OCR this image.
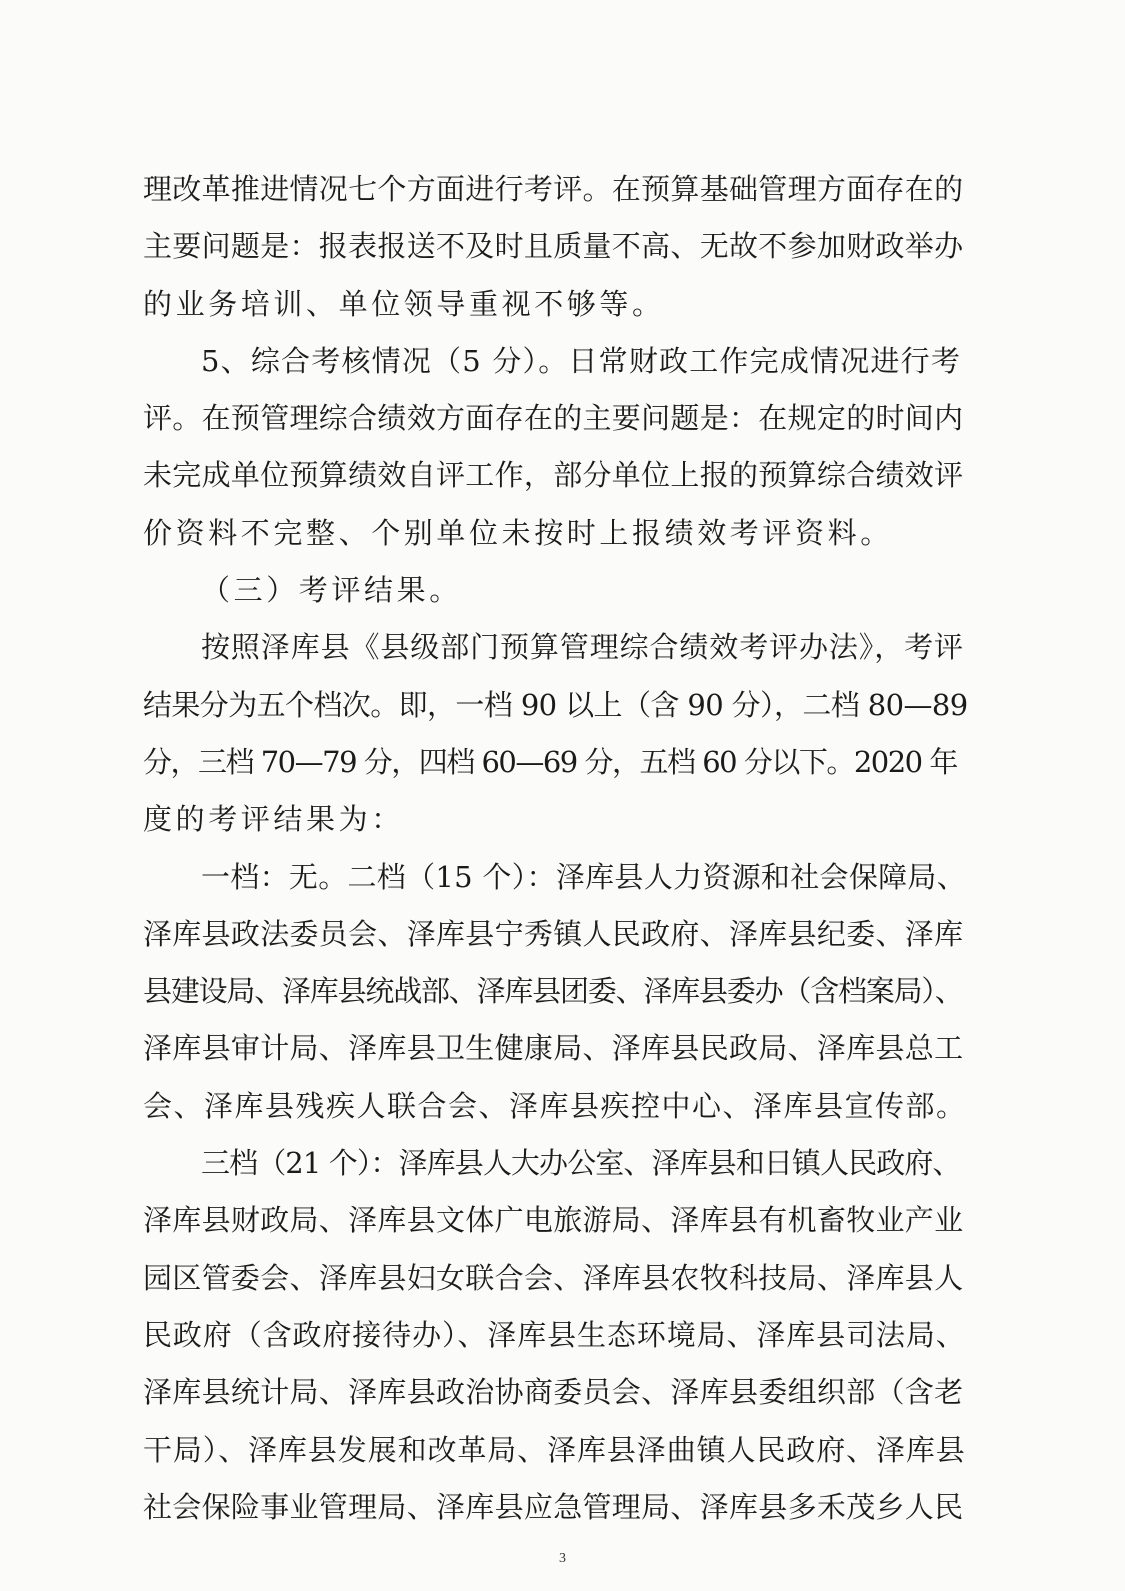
理改革推进情况七个方面进行考评。在预算基础管理方面存在的
主要问题是：报表报送不及时且质量不高、无故不参加财政举办
的业务培训、单位领导重视不够等。
5、综合考核情况（5 分）。日常财政工作完成情况进行考
评。在预管理综合绩效方面存在的主要问题是：在规定的时间内
未完成单位预算绩效自评工作，部分单位上报的预算综合绩效评
价资料不完整、个别单位未按时上报绩效考评资料。
（三）考评结果。
按照泽库县《县级部门预算管理综合绩效考评办法》，考评
结果分为五个档次。即，一档 90 以上（含 90 分），二档 80—89
分，三档 70—79 分，四档 60—69 分，五档 60 分以下。2020 年
度的考评结果为：
一档：无。二档（15 个）：泽库县人力资源和社会保障局、
泽库县政法委员会、泽库县宁秀镇人民政府、泽库县纪委、泽库
县建设局、泽库县统战部、泽库县团委、泽库县委办（含档案局）、
泽库县审计局、泽库县卫生健康局、泽库县民政局、泽库县总工
会、泽库县残疾人联合会、泽库县疾控中心、泽库县宣传部。
三档（21 个）：泽库县人大办公室、泽库县和日镇人民政府、
泽库县财政局、泽库县文体广电旅游局、泽库县有机畜牧业产业
园区管委会、泽库县妇女联合会、泽库县农牧科技局、泽库县人
民政府（含政府接待办）、泽库县生态环境局、泽库县司法局、
泽库县统计局、泽库县政治协商委员会、泽库县委组织部（含老
干局）、泽库县发展和改革局、泽库县泽曲镇人民政府、泽库县
社会保险事业管理局、泽库县应急管理局、泽库县多禾茂乡人民
3
